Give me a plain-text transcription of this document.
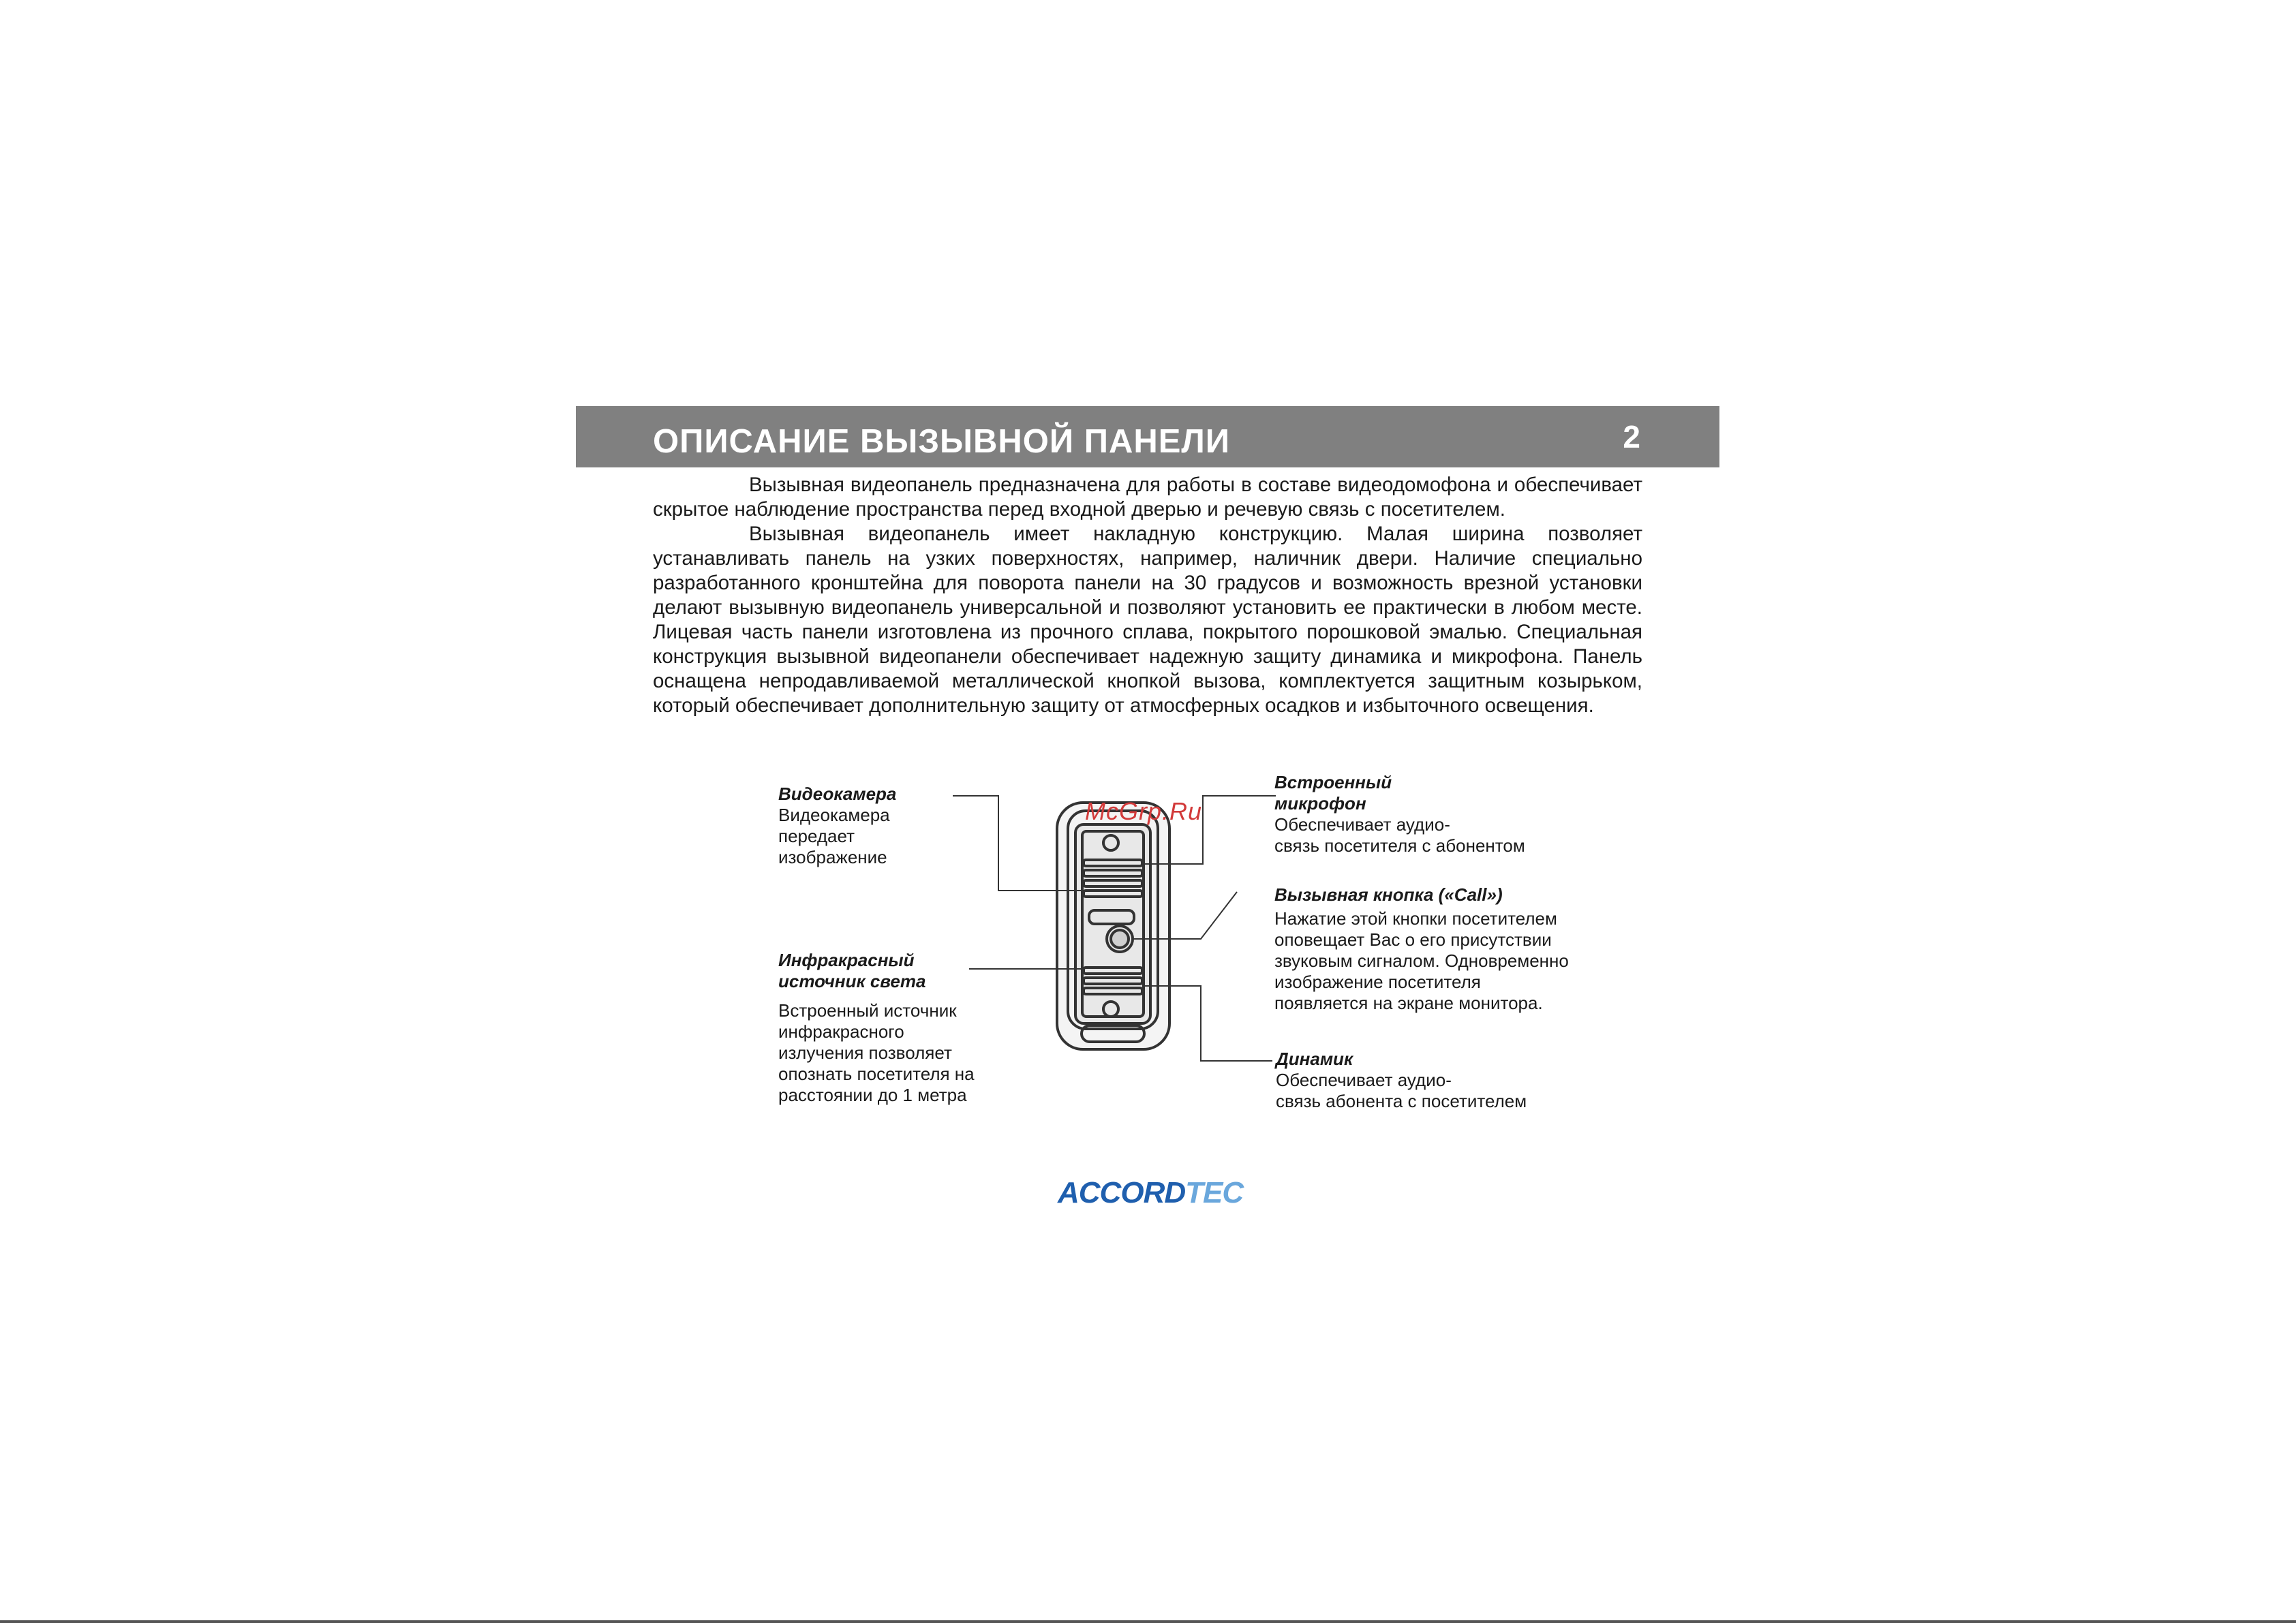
ОПИСАНИЕ ВЫЗЫВНОЙ ПАНЕЛИ	2

Вызывная видеопанель предназначена для работы в составе видеодомофона и обеспечивает скрытое наблюдение пространства перед входной дверью и речевую связь с посетителем.

Вызывная видеопанель имеет накладную конструкцию. Малая ширина позволяет устанавливать панель на узких поверхностях, например, наличник двери. Наличие специально разработанного кронштейна для поворота панели на 30 градусов и возможность врезной установки делают вызывную видеопанель универсальной и позволяют установить ее практически в любом месте. Лицевая часть панели изготовлена из прочного сплава, покрытого порошковой эмалью. Специальная конструкция вызывной видеопанели обеспечивает надежную защиту динамика и микрофона. Панель оснащена непродавливаемой металлической кнопкой вызова, комплектуется защитным козырьком, который обеспечивает дополнительную защиту от атмосферных осадков и избыточного освещения.

Видеокамера
Видеокамера
передает
изображение
Инфракрасный
источник света
Встроенный источник
инфракрасного
излучения позволяет
опознать посетителя на
расстоянии до 1 метра
Встроенный
микрофон
Обеспечивает аудио-
связь посетителя с абонентом
Вызывная кнопка («Call»)
Нажатие этой кнопки посетителем
оповещает Вас о его присутствии
звуковым сигналом. Одновременно
изображение посетителя
появляется на экране монитора.
Динамик
Обеспечивает аудио-
связь абонента с посетителем
McGrp.Ru
ACCORDTEC
